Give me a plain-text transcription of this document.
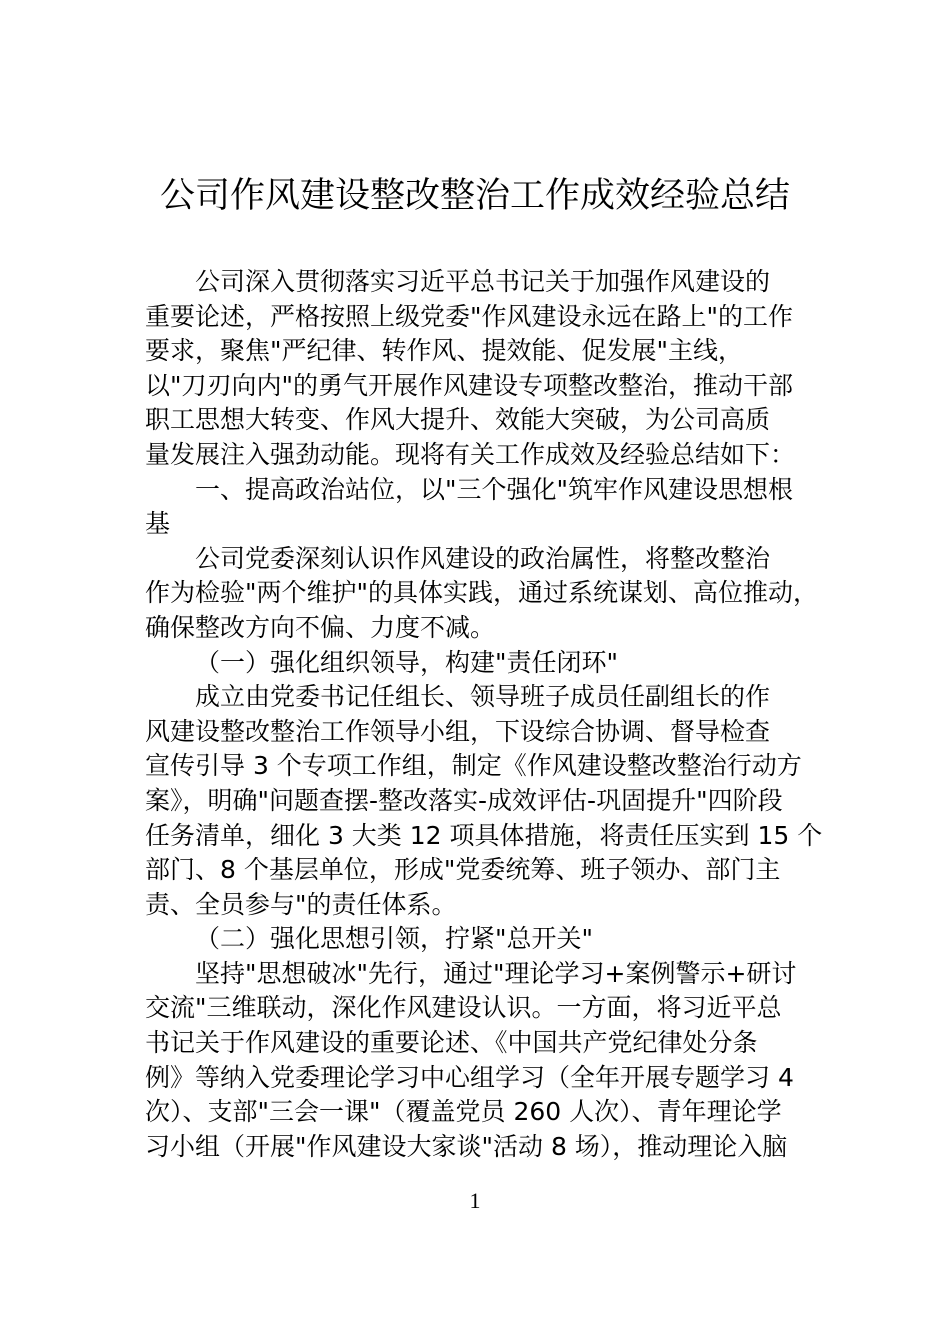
公司作风建设整改整治工作成效经验总结
公司深入贯彻落实习近平总书记关于加强作风建设的
重要论述，严格按照上级党委"作风建设永远在路上"的工作
要求，聚焦"严纪律、转作风、提效能、促发展"主线，
以"刀刃向内"的勇气开展作风建设专项整改整治，推动干部
职工思想大转变、作风大提升、效能大突破，为公司高质
量发展注入强劲动能。现将有关工作成效及经验总结如下：
一、提高政治站位，以"三个强化"筑牢作风建设思想根
基
公司党委深刻认识作风建设的政治属性，将整改整治
作为检验"两个维护"的具体实践，通过系统谋划、高位推动，
确保整改方向不偏、力度不减。
（一）强化组织领导，构建"责任闭环"
成立由党委书记任组长、领导班子成员任副组长的作
风建设整改整治工作领导小组，下设综合协调、督导检查
宣传引导 3 个专项工作组，制定《作风建设整改整治行动方
案》，明确"问题查摆-整改落实-成效评估-巩固提升"四阶段
任务清单，细化 3 大类 12 项具体措施，将责任压实到 15 个
部门、8 个基层单位，形成"党委统筹、班子领办、部门主
责、全员参与"的责任体系。
（二）强化思想引领，拧紧"总开关"
坚持"思想破冰"先行，通过"理论学习+案例警示+研讨
交流"三维联动，深化作风建设认识。一方面，将习近平总
书记关于作风建设的重要论述、《中国共产党纪律处分条
例》等纳入党委理论学习中心组学习（全年开展专题学习 4
次）、支部"三会一课"（覆盖党员 260 人次）、青年理论学
习小组（开展"作风建设大家谈"活动 8 场），推动理论入脑
1
